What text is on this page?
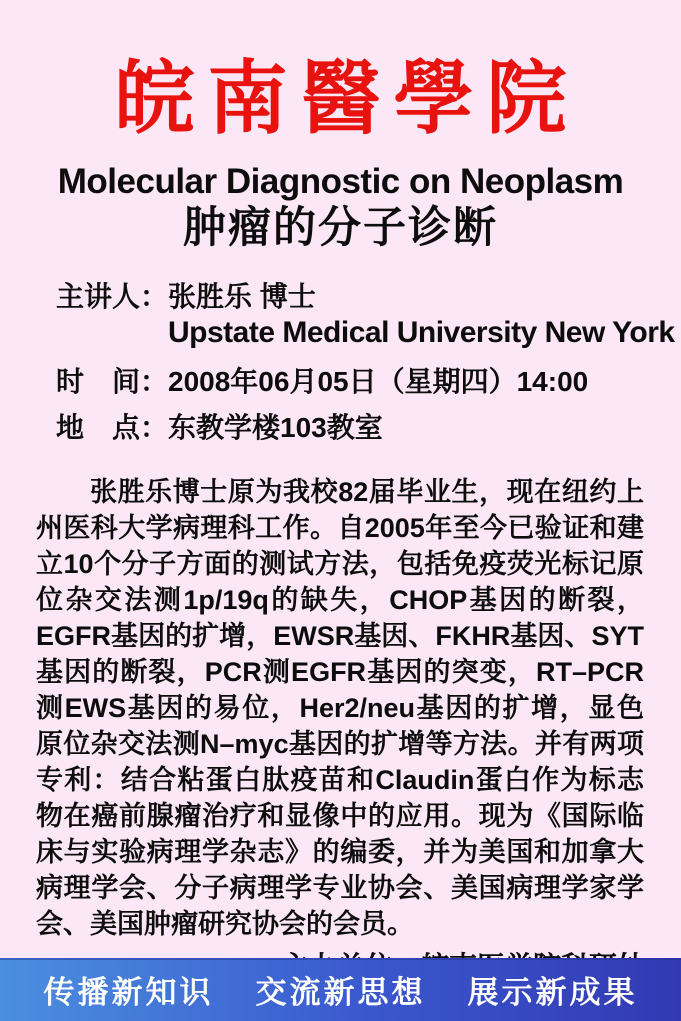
皖南醫學院
Molecular Diagnostic on Neoplasm
肿瘤的分子诊断
主讲人：张胜乐 博士
Upstate Medical University New York
时　间：2008年06月05日（星期四）14:00
地　点：东教学楼103教室

张胜乐博士原为我校82届毕业生，现在纽约上州医科大学病理科工作。自2005年至今已验证和建立10个分子方面的测试方法，包括免疫荧光标记原位杂交法测1p/19q的缺失，CHOP基因的断裂，EGFR基因的扩增，EWSR基因、FKHR基因、SYT基因的断裂，PCR测EGFR基因的突变，RT–PCR测EWS基因的易位，Her2/neu基因的扩增，显色原位杂交法测N–myc基因的扩增等方法。并有两项专利：结合粘蛋白肽疫苗和Claudin蛋白作为标志物在癌前腺瘤治疗和显像中的应用。现为《国际临床与实验病理学杂志》的编委，并为美国和加拿大病理学会、分子病理学专业协会、美国病理学家学会、美国肿瘤研究协会的会员。

传播新知识 交流新思想 展示新成果
